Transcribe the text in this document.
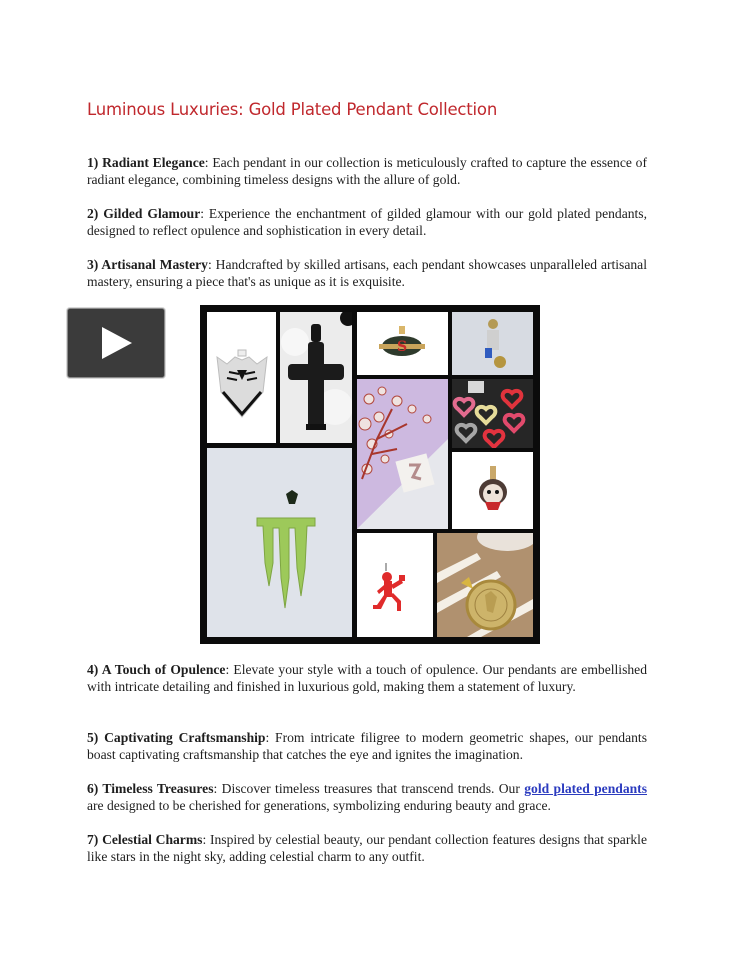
Luminous Luxuries: Gold Plated Pendant Collection
1) Radiant Elegance: Each pendant in our collection is meticulously crafted to capture the essence of radiant elegance, combining timeless designs with the allure of gold.
2) Gilded Glamour: Experience the enchantment of gilded glamour with our gold plated pendants, designed to reflect opulence and sophistication in every detail.
3) Artisanal Mastery: Handcrafted by skilled artisans, each pendant showcases unparalleled artisanal mastery, ensuring a piece that's as unique as it is exquisite.
S
4) A Touch of Opulence: Elevate your style with a touch of opulence. Our pendants are embellished with intricate detailing and finished in luxurious gold, making them a statement of luxury.
5) Captivating Craftsmanship: From intricate filigree to modern geometric shapes, our pendants boast captivating craftsmanship that catches the eye and ignites the imagination.
6) Timeless Treasures: Discover timeless treasures that transcend trends. Our gold plated pendants are designed to be cherished for generations, symbolizing enduring beauty and grace.
7) Celestial Charms: Inspired by celestial beauty, our pendant collection features designs that sparkle like stars in the night sky, adding celestial charm to any outfit.
